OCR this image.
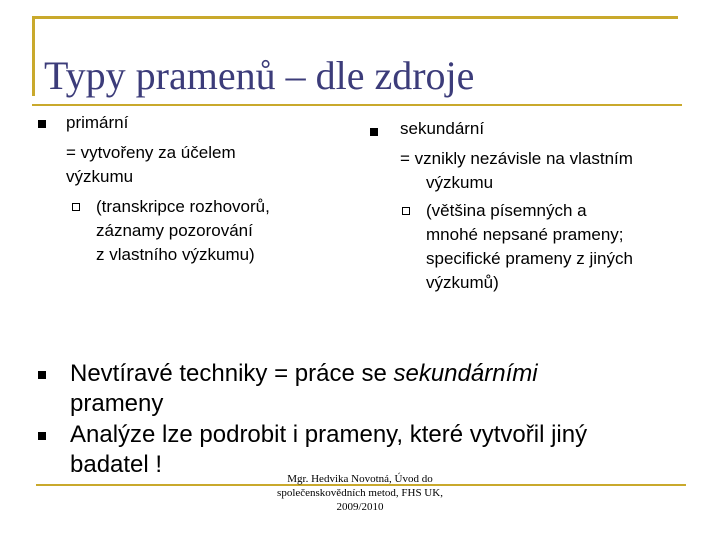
Typy pramenů – dle zdroje
primární
= vytvořeny za účelem
výzkumu
(transkripce rozhovorů,
záznamy pozorování
z vlastního výzkumu)
sekundární
= vznikly nezávisle na vlastním
výzkumu
(většina písemných a
mnohé nepsané prameny;
specifické prameny z jiných
výzkumů)
Nevtíravé techniky = práce se sekundárními
prameny
Analýze lze podrobit i prameny, které vytvořil jiný
badatel !
Mgr. Hedvika Novotná, Úvod do
společenskovědních metod, FHS UK,
2009/2010
